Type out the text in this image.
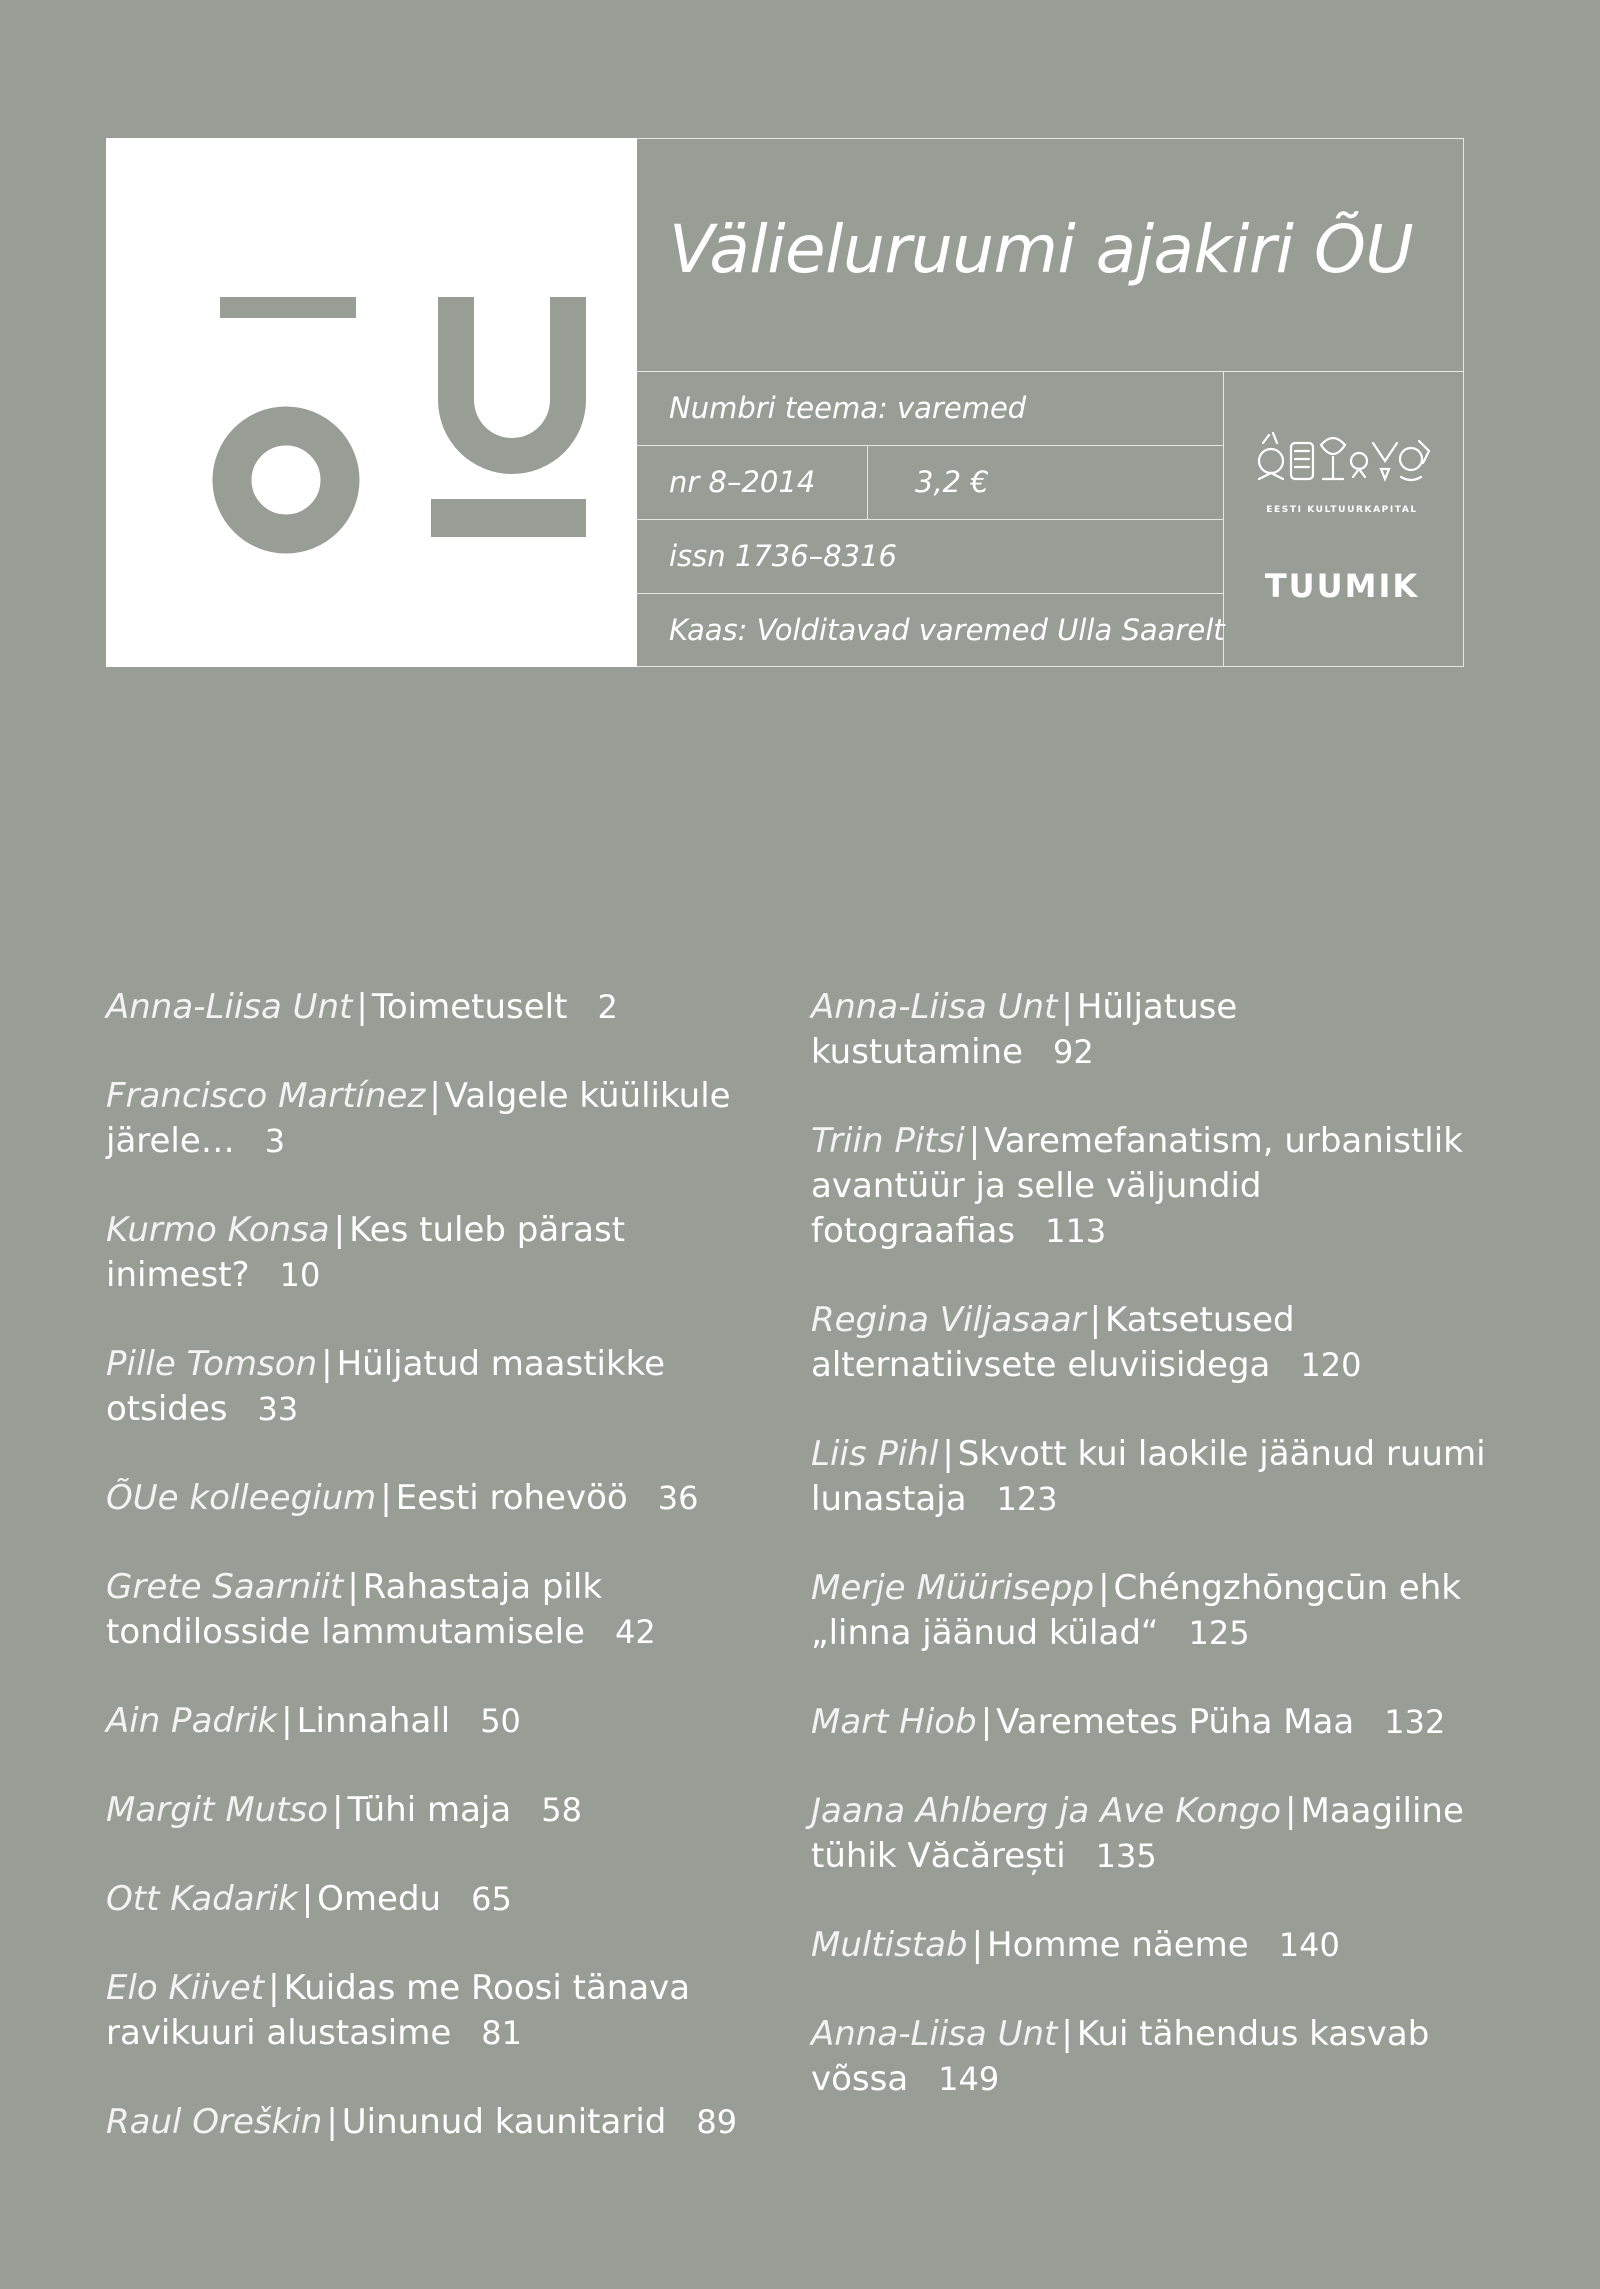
Välieluruumi ajakiri ÕU
Numbri teema: varemed
nr 8–2014	3,2 €
issn 1736–8316
Kaas: Volditavad varemed Ulla Saarelt
EESTI KULTUURKAPITAL
TUUMIK
Anna-Liisa Unt | Toimetuselt 2
Francisco Martínez | Valgele küülikule järele… 3
Kurmo Konsa | Kes tuleb pärast inimest? 10
Pille Tomson | Hüljatud maastikke otsides 33
ÕUe kolleegium | Eesti rohevöö 36
Grete Saarniit | Rahastaja pilk tondilosside lammutamisele 42
Ain Padrik | Linnahall 50
Margit Mutso | Tühi maja 58
Ott Kadarik | Omedu 65
Elo Kiivet | Kuidas me Roosi tänava ravikuuri alustasime 81
Raul Oreškin | Uinunud kaunitarid 89
Anna-Liisa Unt | Hüljatuse kustutamine 92
Triin Pitsi | Varemefanatism, urbanistlik avantüür ja selle väljundid fotograafias 113
Regina Viljasaar | Katsetused alternatiivsete eluviisidega 120
Liis Pihl | Skvott kui laokile jäänud ruumi lunastaja 123
Merje Müürisepp | Chéngzhōngcūn ehk „linna jäänud külad“ 125
Mart Hiob | Varemetes Püha Maa 132
Jaana Ahlberg ja Ave Kongo | Maagiline tühik Văcărești 135
Multistab | Homme näeme 140
Anna-Liisa Unt | Kui tähendus kasvab võssa 149
